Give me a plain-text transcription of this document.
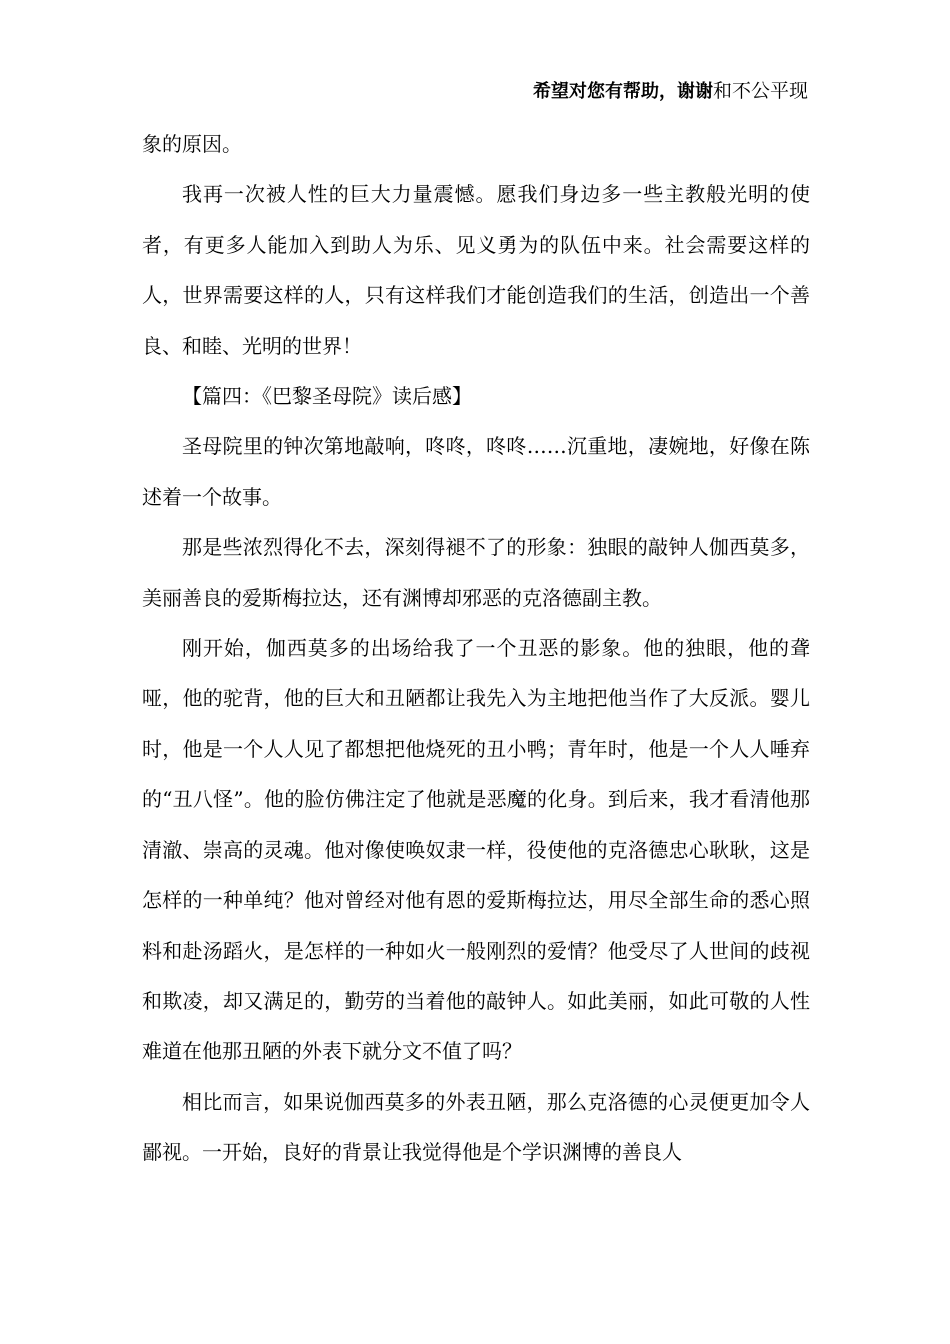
希望对您有帮助，谢谢和不公平现

象的原因。

我再一次被人性的巨大力量震憾。愿我们身边多一些主教般光明的使者，有更多人能加入到助人为乐、见义勇为的队伍中来。社会需要这样的人，世界需要这样的人，只有这样我们才能创造我们的生活，创造出一个善良、和睦、光明的世界！

【篇四：《巴黎圣母院》读后感】

圣母院里的钟次第地敲响，咚咚，咚咚……沉重地，凄婉地，好像在陈述着一个故事。

那是些浓烈得化不去，深刻得褪不了的形象：独眼的敲钟人伽西莫多，美丽善良的爱斯梅拉达，还有渊博却邪恶的克洛德副主教。

刚开始，伽西莫多的出场给我了一个丑恶的影象。他的独眼，他的聋哑，他的驼背，他的巨大和丑陋都让我先入为主地把他当作了大反派。婴儿时，他是一个人人见了都想把他烧死的丑小鸭；青年时，他是一个人人唾弃的“丑八怪”。他的脸仿佛注定了他就是恶魔的化身。到后来，我才看清他那清澈、崇高的灵魂。他对像使唤奴隶一样，役使他的克洛德忠心耿耿，这是怎样的一种单纯？他对曾经对他有恩的爱斯梅拉达，用尽全部生命的悉心照料和赴汤蹈火，是怎样的一种如火一般刚烈的爱情？他受尽了人世间的歧视和欺凌，却又满足的，勤劳的当着他的敲钟人。如此美丽，如此可敬的人性难道在他那丑陋的外表下就分文不值了吗？

相比而言，如果说伽西莫多的外表丑陋，那么克洛德的心灵便更加令人鄙视。一开始，良好的背景让我觉得他是个学识渊博的善良人
